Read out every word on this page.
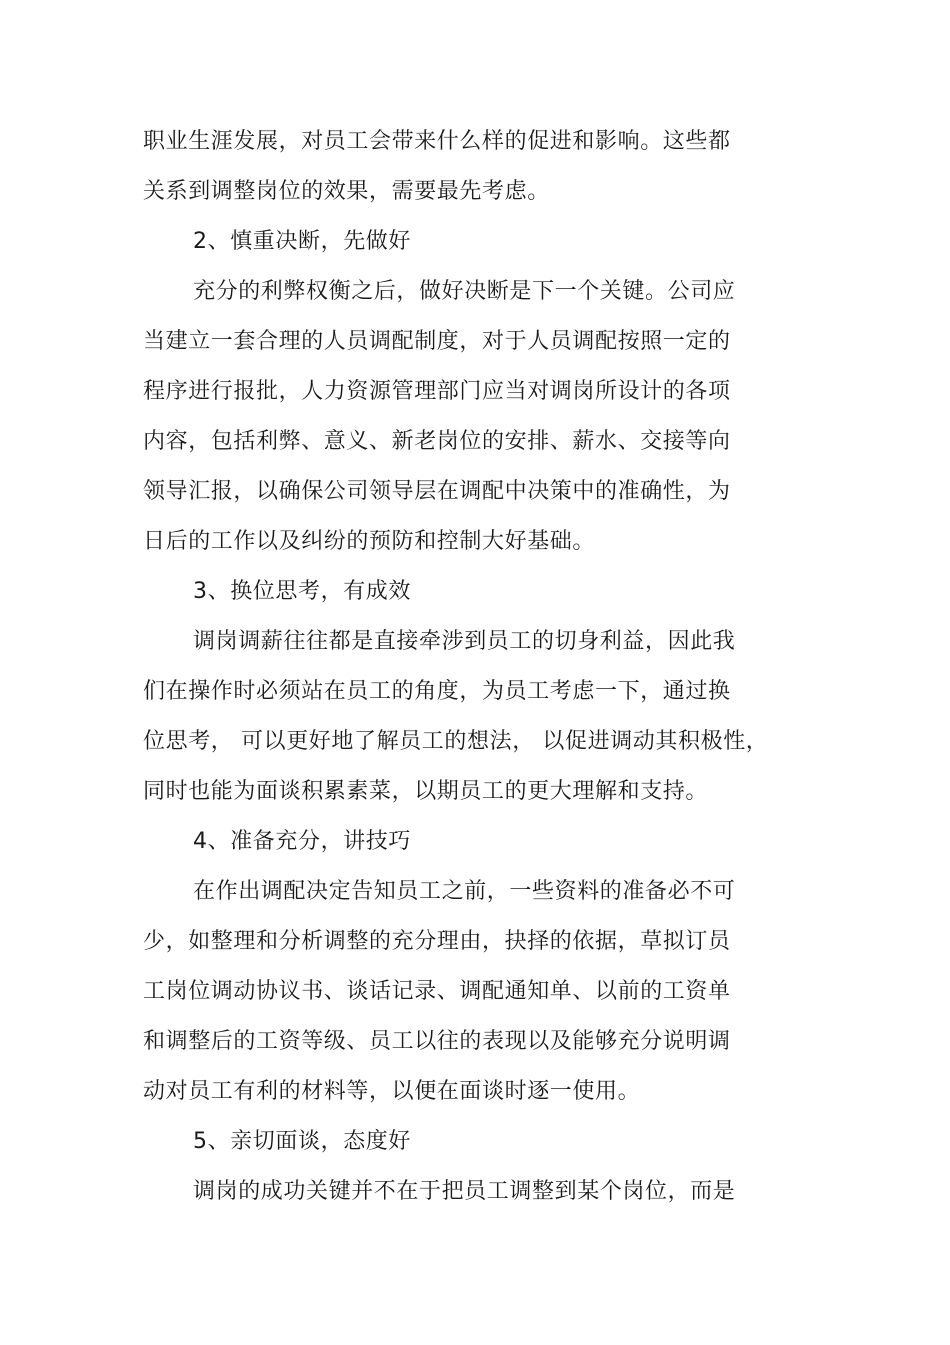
职业生涯发展，对员工会带来什么样的促进和影响。这些都
关系到调整岗位的效果，需要最先考虑。
2、慎重决断，先做好
充分的利弊权衡之后，做好决断是下一个关键。公司应
当建立一套合理的人员调配制度，对于人员调配按照一定的
程序进行报批，人力资源管理部门应当对调岗所设计的各项
内容，包括利弊、意义、新老岗位的安排、薪水、交接等向
领导汇报，以确保公司领导层在调配中决策中的准确性，为
日后的工作以及纠纷的预防和控制大好基础。
3、换位思考，有成效
调岗调薪往往都是直接牵涉到员工的切身利益，因此我
们在操作时必须站在员工的角度，为员工考虑一下，通过换
位思考， 可以更好地了解员工的想法， 以促进调动其积极性，
同时也能为面谈积累素菜，以期员工的更大理解和支持。
4、准备充分，讲技巧
在作出调配决定告知员工之前，一些资料的准备必不可
少，如整理和分析调整的充分理由，抉择的依据，草拟订员
工岗位调动协议书、谈话记录、调配通知单、以前的工资单
和调整后的工资等级、员工以往的表现以及能够充分说明调
动对员工有利的材料等，以便在面谈时逐一使用。
5、亲切面谈，态度好
调岗的成功关键并不在于把员工调整到某个岗位，而是
